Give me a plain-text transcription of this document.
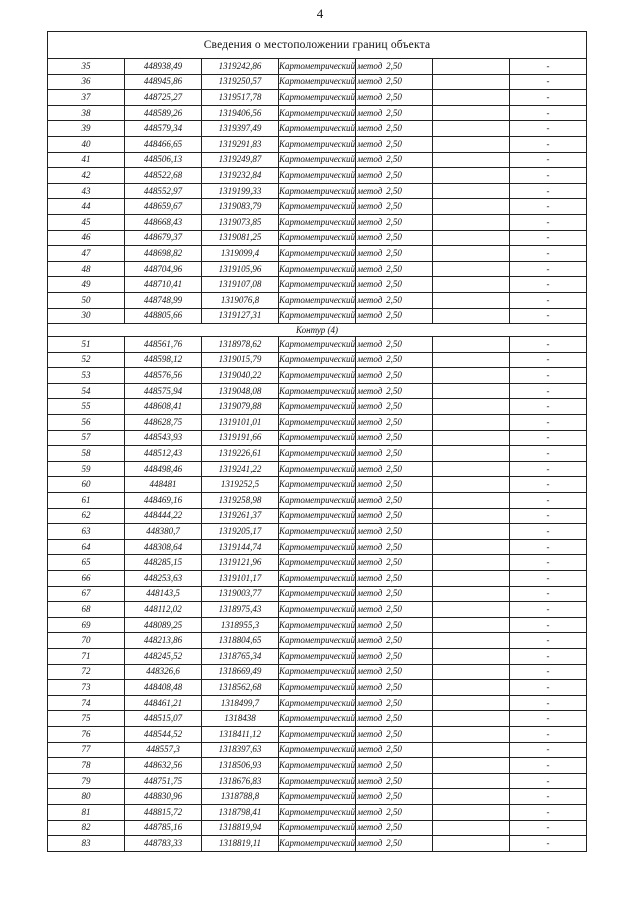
4
Сведения о местоположении границ объекта						
35	448938,49	1319242,86	Картометрический метод	2,50		-
36	448945,86	1319250,57	Картометрический метод	2,50		-
37	448725,27	1319517,78	Картометрический метод	2,50		-
38	448589,26	1319406,56	Картометрический метод	2,50		-
39	448579,34	1319397,49	Картометрический метод	2,50		-
40	448466,65	1319291,83	Картометрический метод	2,50		-
41	448506,13	1319249,87	Картометрический метод	2,50		-
42	448522,68	1319232,84	Картометрический метод	2,50		-
43	448552,97	1319199,33	Картометрический метод	2,50		-
44	448659,67	1319083,79	Картометрический метод	2,50		-
45	448668,43	1319073,85	Картометрический метод	2,50		-
46	448679,37	1319081,25	Картометрический метод	2,50		-
47	448698,82	1319099,4	Картометрический метод	2,50		-
48	448704,96	1319105,96	Картометрический метод	2,50		-
49	448710,41	1319107,08	Картометрический метод	2,50		-
50	448748,99	1319076,8	Картометрический метод	2,50		-
30	448805,66	1319127,31	Картометрический метод	2,50		-
Контур (4)						
51	448561,76	1318978,62	Картометрический метод	2,50		-
52	448598,12	1319015,79	Картометрический метод	2,50		-
53	448576,56	1319040,22	Картометрический метод	2,50		-
54	448575,94	1319048,08	Картометрический метод	2,50		-
55	448608,41	1319079,88	Картометрический метод	2,50		-
56	448628,75	1319101,01	Картометрический метод	2,50		-
57	448543,93	1319191,66	Картометрический метод	2,50		-
58	448512,43	1319226,61	Картометрический метод	2,50		-
59	448498,46	1319241,22	Картометрический метод	2,50		-
60	448481	1319252,5	Картометрический метод	2,50		-
61	448469,16	1319258,98	Картометрический метод	2,50		-
62	448444,22	1319261,37	Картометрический метод	2,50		-
63	448380,7	1319205,17	Картометрический метод	2,50		-
64	448308,64	1319144,74	Картометрический метод	2,50		-
65	448285,15	1319121,96	Картометрический метод	2,50		-
66	448253,63	1319101,17	Картометрический метод	2,50		-
67	448143,5	1319003,77	Картометрический метод	2,50		-
68	448112,02	1318975,43	Картометрический метод	2,50		-
69	448089,25	1318955,3	Картометрический метод	2,50		-
70	448213,86	1318804,65	Картометрический метод	2,50		-
71	448245,52	1318765,34	Картометрический метод	2,50		-
72	448326,6	1318669,49	Картометрический метод	2,50		-
73	448408,48	1318562,68	Картометрический метод	2,50		-
74	448461,21	1318499,7	Картометрический метод	2,50		-
75	448515,07	1318438	Картометрический метод	2,50		-
76	448544,52	1318411,12	Картометрический метод	2,50		-
77	448557,3	1318397,63	Картометрический метод	2,50		-
78	448632,56	1318506,93	Картометрический метод	2,50		-
79	448751,75	1318676,83	Картометрический метод	2,50		-
80	448830,96	1318788,8	Картометрический метод	2,50		-
81	448815,72	1318798,41	Картометрический метод	2,50		-
82	448785,16	1318819,94	Картометрический метод	2,50		-
83	448783,33	1318819,11	Картометрический метод	2,50		-
